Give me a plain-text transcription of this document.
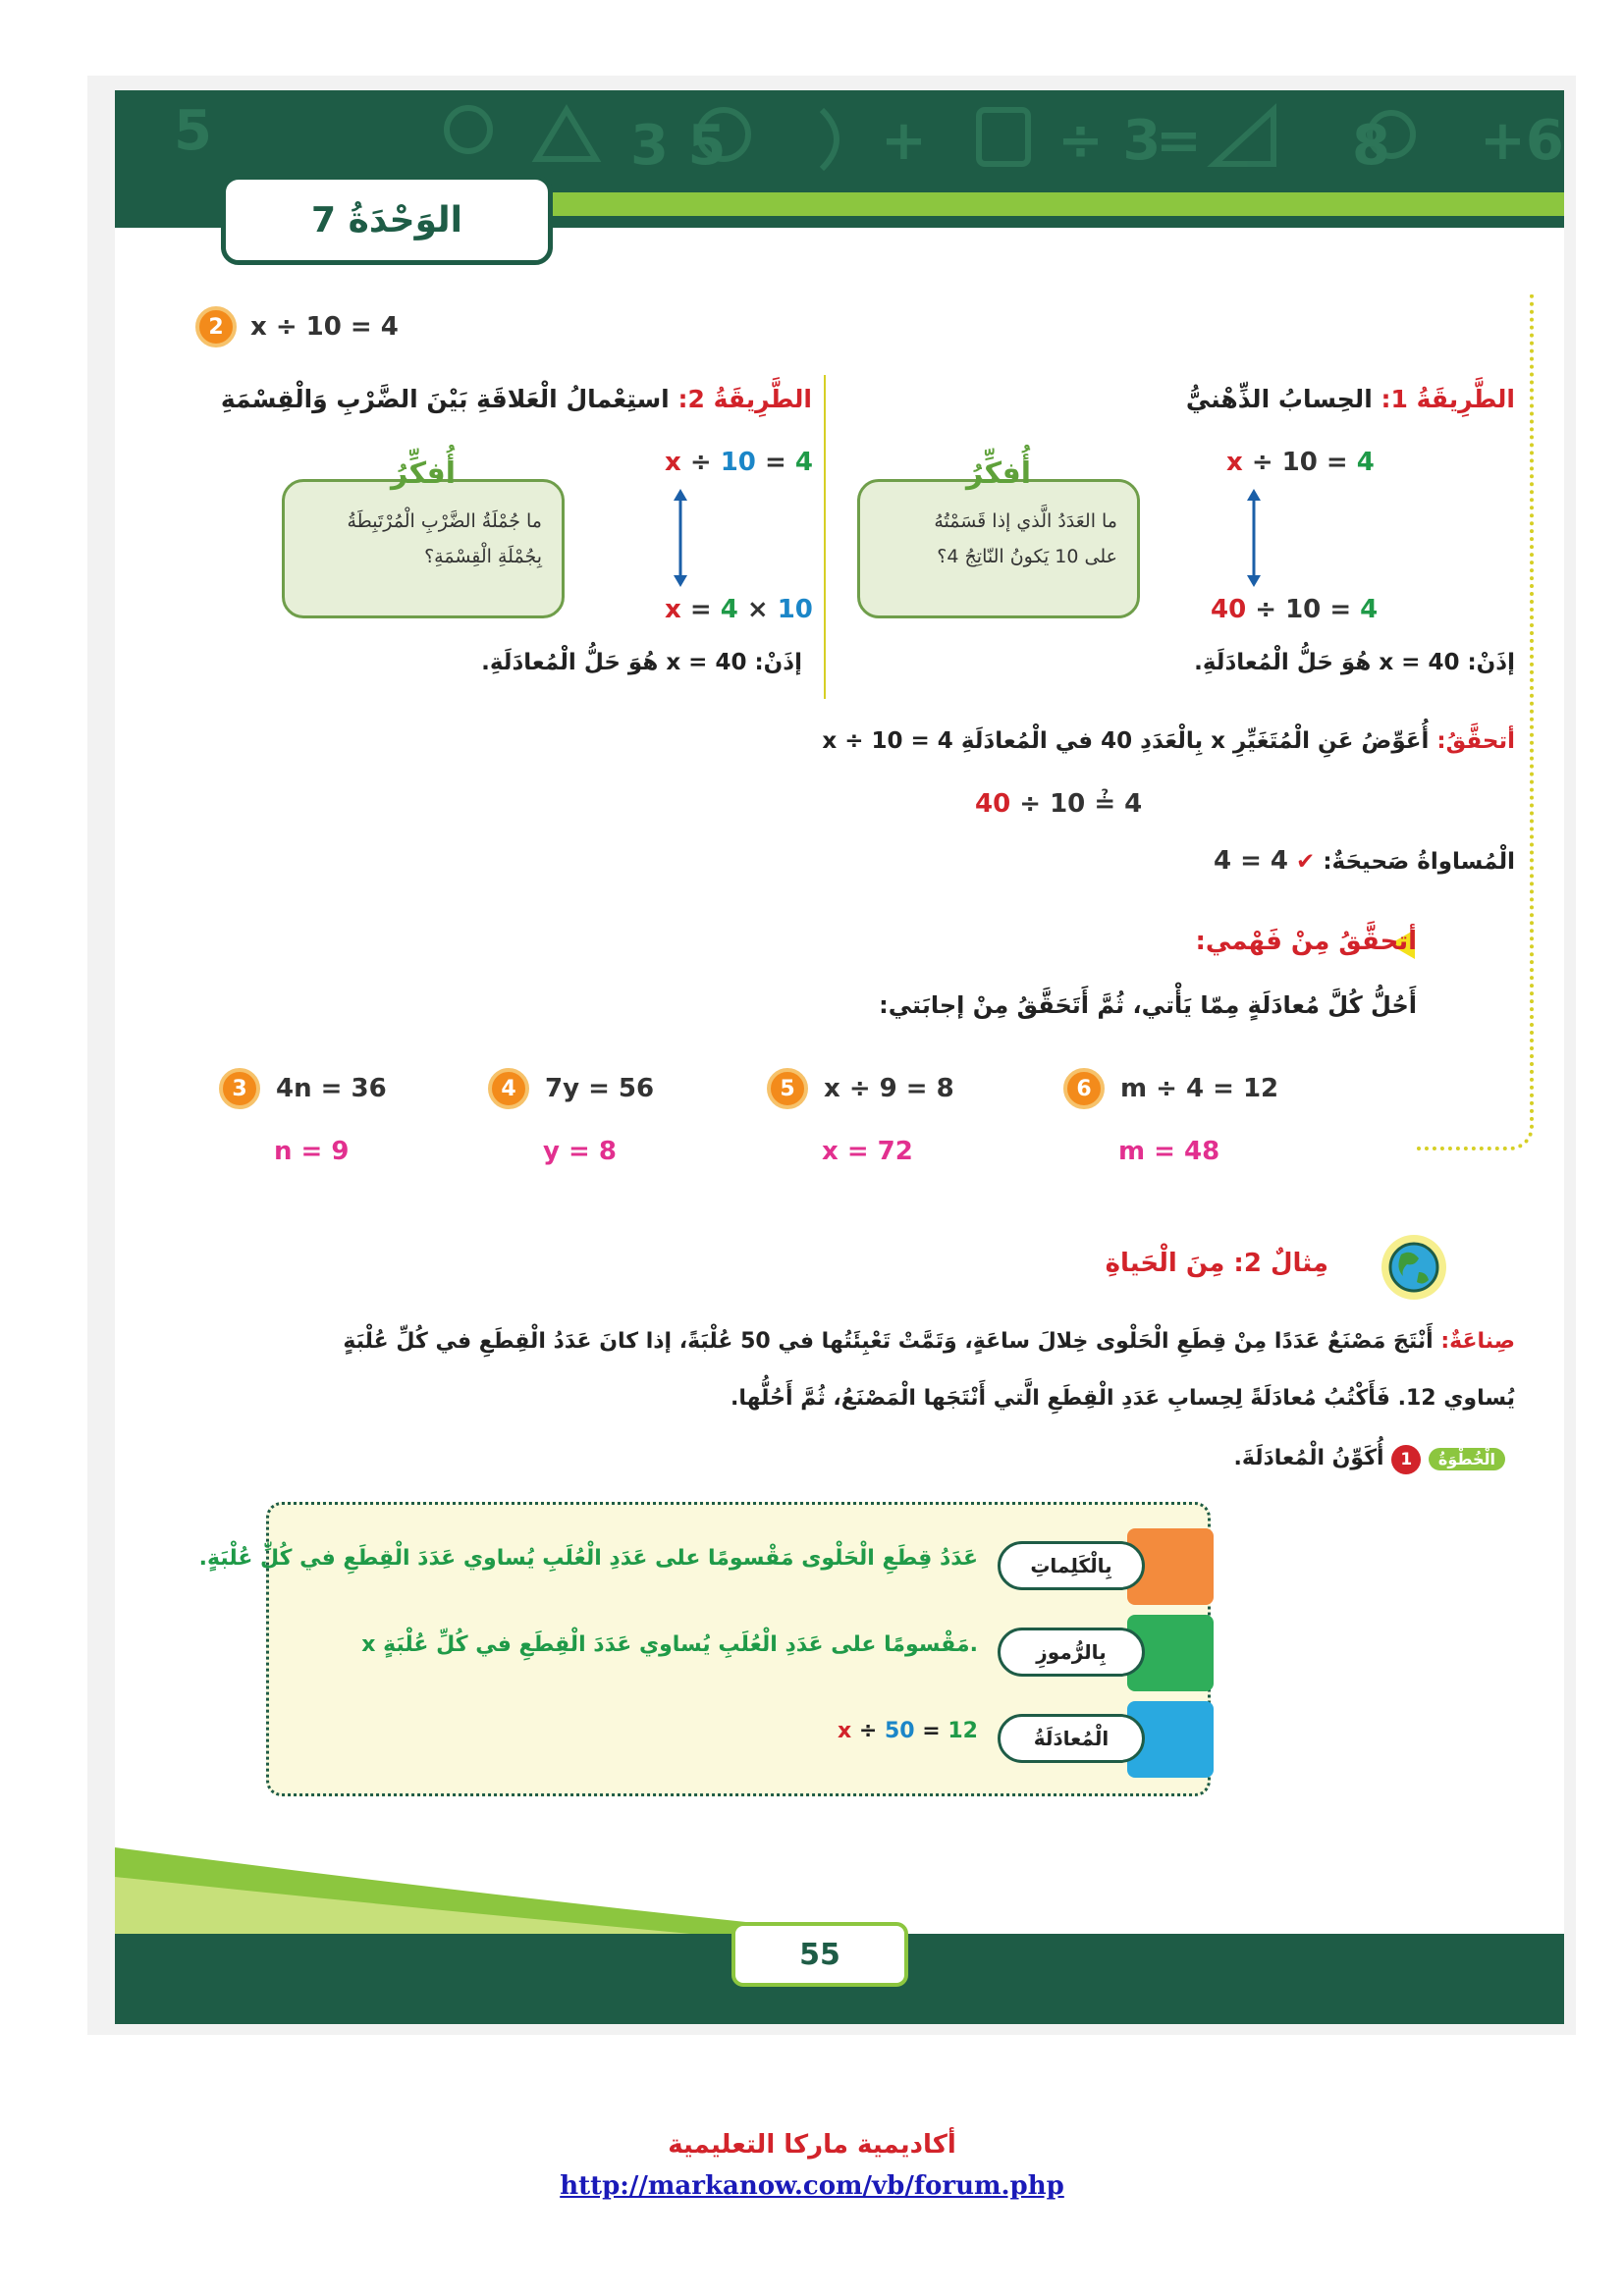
5	3 5	+ ÷ 3
=	8 +6
الوَحْدَةُ 7
2	x ÷ 10 = 4
الطَّرِيقَةُ 1: الحِسابُ الذِّهْنيُّ
x ÷ 10 = 4
40 ÷ 10 = 4
أُفكِّرُ
ما العَدَدُ الَّذي إذا قَسَمْتُهُ
على 10 يَكونُ النّاتِجُ 4؟
إذَنْ: 40 = x هُوَ حَلُّ الْمُعادَلَةِ.
الطَّرِيقَةُ 2: استِعْمالُ الْعَلاقَةِ بَيْنَ الضَّرْبِ وَالْقِسْمَةِ
x ÷ 10 = 4
x = 4 × 10
أُفكِّرُ
ما جُمْلَةُ الضَّرْبِ الْمُرْتَبِطَةُ
بِجُمْلَةِ الْقِسْمَةِ؟
إذَنْ: 40 = x هُوَ حَلُّ الْمُعادَلَةِ.
أتحقَّقُ: أُعَوِّضُ عَنِ الْمُتَغَيِّرِ x بِالْعَدَدِ 40 في الْمُعادَلَةِ 4 = 10 ÷ x
40 ÷ 10 ≟ 4
الْمُساواةُ صَحيحَةٌ: ✔ 4 = 4
أتحقَّقُ مِنْ فَهْمي:
أَحُلُّ كُلَّ مُعادَلَةٍ مِمّا يَأْتي، ثُمَّ أَتَحَقَّقُ مِنْ إجابَتي:
3	4n = 36
n = 9
4	7y = 56
y = 8
5	x ÷ 9 = 8
x = 72
6	m ÷ 4 = 12
m = 48
مِثالٌ 2: مِنَ الْحَياةِ
صِناعَةٌ: أَنْتَجَ مَصْنَعٌ عَدَدًا مِنْ قِطَعِ الْحَلْوى خِلالَ ساعَةٍ، وَتَمَّتْ تَعْبِئَتُها في 50 عُلْبَةً، إذا كانَ عَدَدُ الْقِطَعِ في كُلِّ عُلْبَةٍ
يُساوي 12. فَأَكْتُبُ مُعادَلَةً لِحِسابِ عَدَدِ الْقِطَعِ الَّتي أَنْتَجَها الْمَصْنَعُ، ثُمَّ أَحُلُّها.
الْخُطْوَةُ 1 أُكَوِّنُ الْمُعادَلَةَ.
بِالْكَلِماتِ
عَدَدُ قِطَعِ الْحَلْوى مَقْسومًا على عَدَدِ الْعُلَبِ يُساوي عَدَدَ الْقِطَعِ في كُلِّ عُلْبَةٍ.
بِالرُّموزِ
x مَقْسومًا على عَدَدِ الْعُلَبِ يُساوي عَدَدَ الْقِطَعِ في كُلِّ عُلْبَةٍ.
الْمُعادَلَةُ
x ÷ 50 = 12
55
أكاديمية ماركا التعليمية
http://markanow.com/vb/forum.php
